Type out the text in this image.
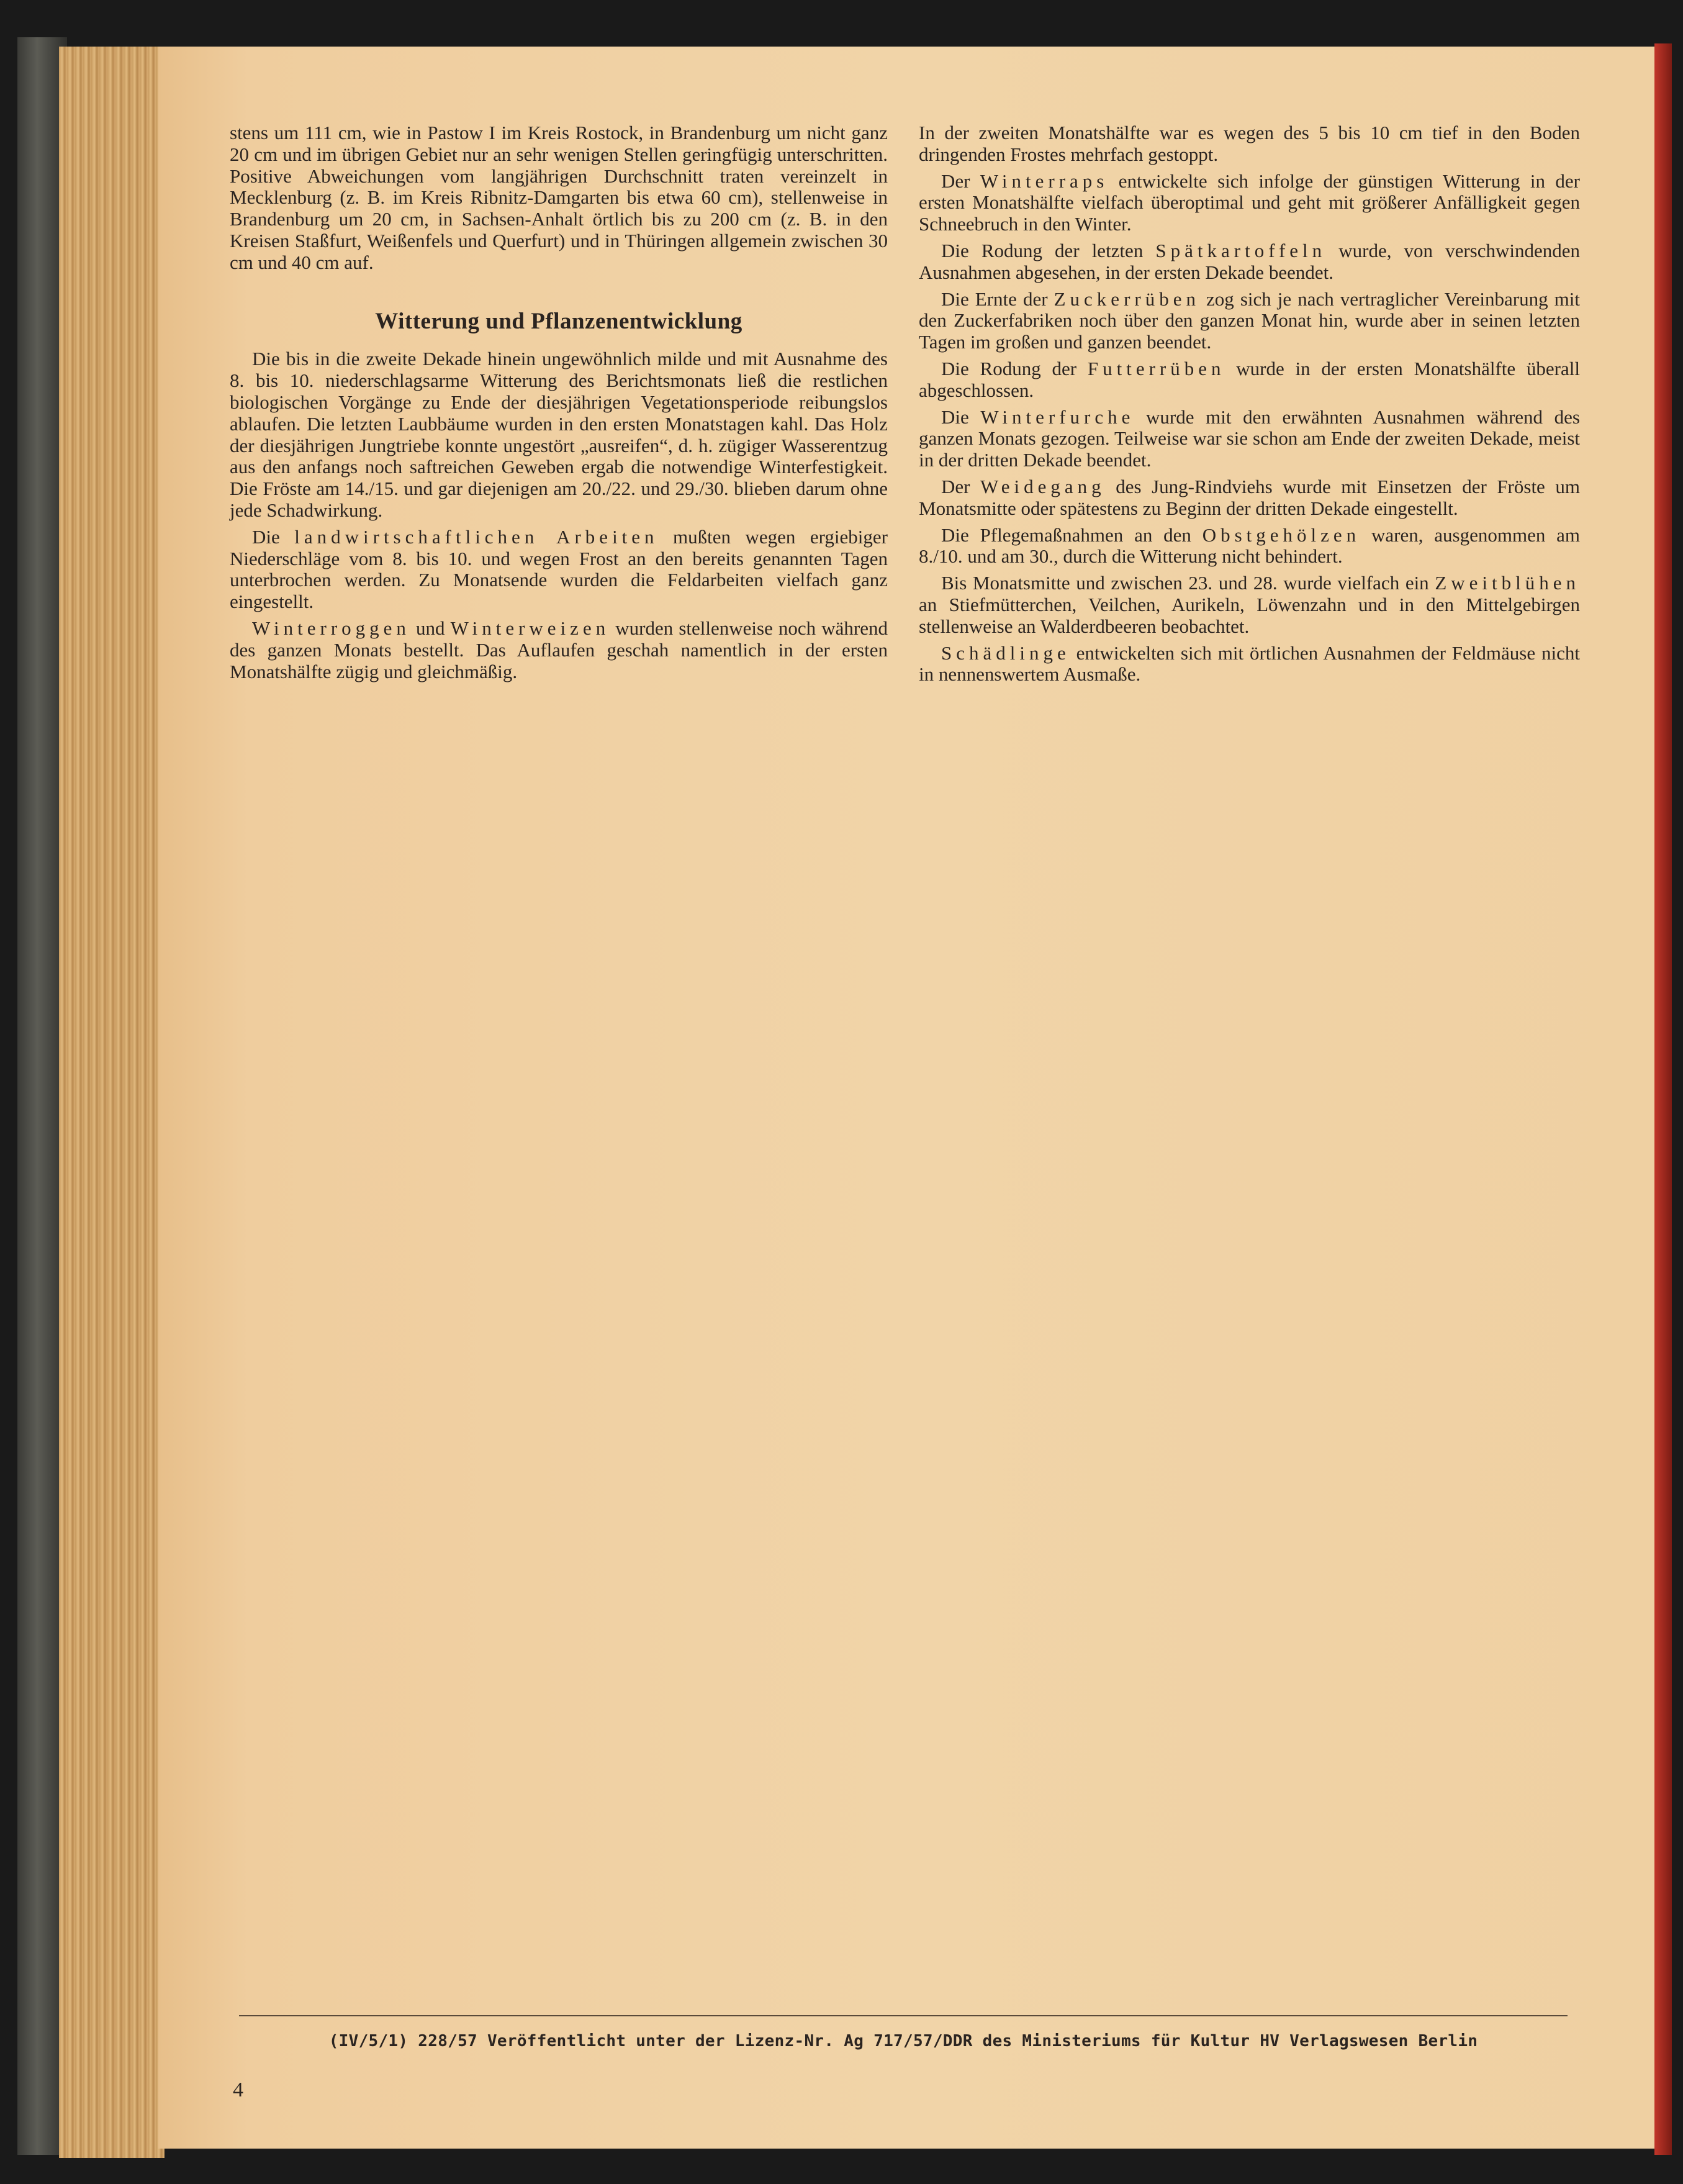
stens um 111 cm, wie in Pastow I im Kreis Rostock, in Brandenburg um nicht ganz 20 cm und im übrigen Gebiet nur an sehr wenigen Stellen geringfügig unterschritten. Positive Abweichungen vom langjährigen Durchschnitt traten vereinzelt in Mecklenburg (z. B. im Kreis Ribnitz-Damgarten bis etwa 60 cm), stellenweise in Brandenburg um 20 cm, in Sachsen-Anhalt örtlich bis zu 200 cm (z. B. in den Kreisen Staßfurt, Weißenfels und Querfurt) und in Thüringen allgemein zwischen 30 cm und 40 cm auf.

Witterung und Pflanzenentwicklung

Die bis in die zweite Dekade hinein ungewöhnlich milde und mit Ausnahme des 8. bis 10. niederschlagsarme Witterung des Berichtsmonats ließ die restlichen biologischen Vorgänge zu Ende der diesjährigen Vegetationsperiode reibungslos ablaufen. Die letzten Laubbäume wurden in den ersten Monatstagen kahl. Das Holz der diesjährigen Jungtriebe konnte ungestört „ausreifen“, d. h. zügiger Wasserentzug aus den anfangs noch saftreichen Geweben ergab die notwendige Winterfestigkeit. Die Fröste am 14./15. und gar diejenigen am 20./22. und 29./30. blieben darum ohne jede Schadwirkung.

Die landwirtschaftlichen Arbeiten mußten wegen ergiebiger Niederschläge vom 8. bis 10. und wegen Frost an den bereits genannten Tagen unterbrochen werden. Zu Monatsende wurden die Feldarbeiten vielfach ganz eingestellt.

Winterroggen und Winterweizen wurden stellenweise noch während des ganzen Monats bestellt. Das Auflaufen geschah namentlich in der ersten Monatshälfte zügig und gleichmäßig.

In der zweiten Monatshälfte war es wegen des 5 bis 10 cm tief in den Boden dringenden Frostes mehrfach gestoppt.

Der Winterraps entwickelte sich infolge der günstigen Witterung in der ersten Monatshälfte vielfach überoptimal und geht mit größerer Anfälligkeit gegen Schneebruch in den Winter.

Die Rodung der letzten Spätkartoffeln wurde, von verschwindenden Ausnahmen abgesehen, in der ersten Dekade beendet.

Die Ernte der Zuckerrüben zog sich je nach vertraglicher Vereinbarung mit den Zuckerfabriken noch über den ganzen Monat hin, wurde aber in seinen letzten Tagen im großen und ganzen beendet.

Die Rodung der Futterrüben wurde in der ersten Monatshälfte überall abgeschlossen.

Die Winterfurche wurde mit den erwähnten Ausnahmen während des ganzen Monats gezogen. Teilweise war sie schon am Ende der zweiten Dekade, meist in der dritten Dekade beendet.

Der Weidegang des Jung-Rindviehs wurde mit Einsetzen der Fröste um Monatsmitte oder spätestens zu Beginn der dritten Dekade eingestellt.

Die Pflegemaßnahmen an den Obstgehölzen waren, ausgenommen am 8./10. und am 30., durch die Witterung nicht behindert.

Bis Monatsmitte und zwischen 23. und 28. wurde vielfach ein Zweitblühen an Stiefmütterchen, Veilchen, Aurikeln, Löwenzahn und in den Mittelgebirgen stellenweise an Walderdbeeren beobachtet.

Schädlinge entwickelten sich mit örtlichen Ausnahmen der Feldmäuse nicht in nennenswertem Ausmaße.

(IV/5/1) 228/57 Veröffentlicht unter der Lizenz-Nr. Ag 717/57/DDR des Ministeriums für Kultur HV Verlagswesen Berlin
4
